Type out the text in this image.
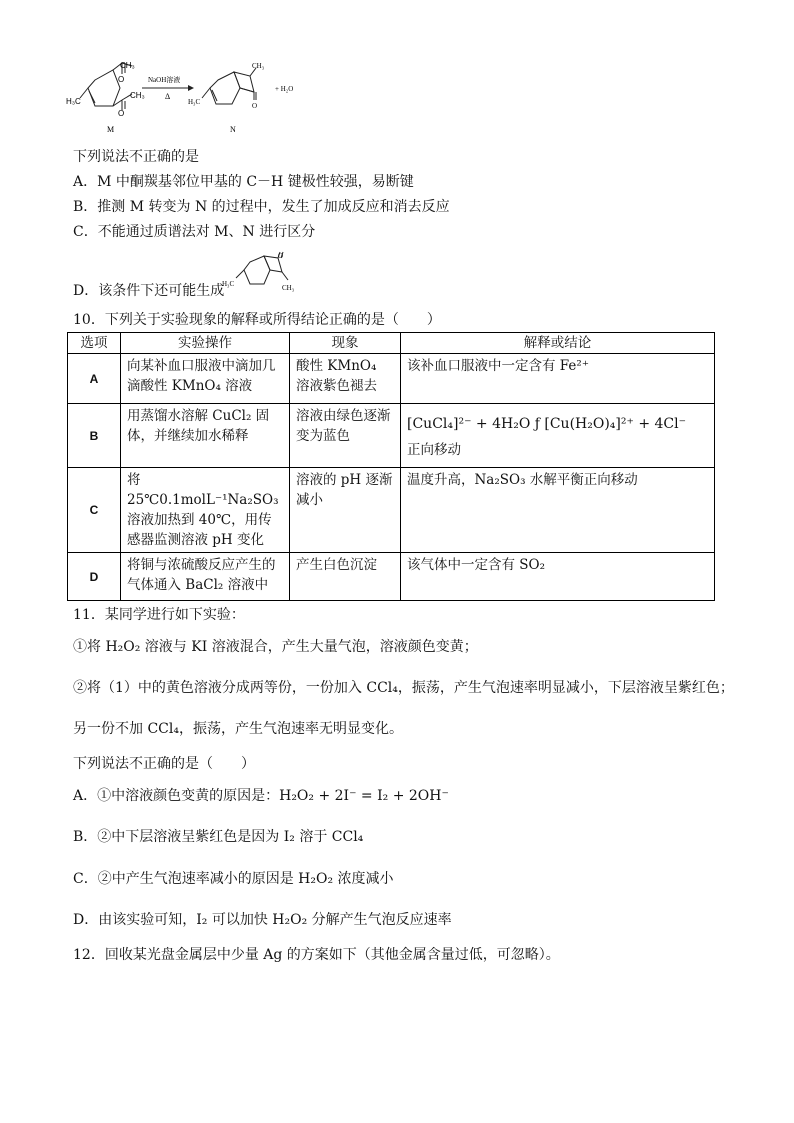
CH₃
O
CH₃
O
H₃C
M
NaOH溶液
Δ
CH₃
O
H₃C
N
+ H₂O
下列说法不正确的是
A．M 中酮羰基邻位甲基的 C－H 键极性较强，易断键
B．推测 M 转变为 N 的过程中，发生了加成反应和消去反应
C．不能通过质谱法对 M、N 进行区分
D．该条件下还可能生成
O
CH₃
H₃C
10．下列关于实验现象的解释或所得结论正确的是（　　）
选项	实验操作	现象	解释或结论
A	向某补血口服液中滴加几滴酸性 KMnO₄ 溶液	酸性 KMnO₄ 溶液紫色褪去	该补血口服液中一定含有 Fe²⁺
B	用蒸馏水溶解 CuCl₂ 固体，并继续加水稀释	溶液由绿色逐渐变为蓝色	[CuCl₄]²⁻ + 4H₂O ƒ [Cu(H₂O)₄]²⁺ + 4Cl⁻
正向移动

C	将 25℃0.1molL⁻¹Na₂SO₃ 溶液加热到 40℃，用传感器监测溶液 pH 变化	溶液的 pH 逐渐减小	温度升高，Na₂SO₃ 水解平衡正向移动
D	将铜与浓硫酸反应产生的气体通入 BaCl₂ 溶液中	产生白色沉淀	该气体中一定含有 SO₂
11．某同学进行如下实验：
①将 H₂O₂ 溶液与 KI 溶液混合，产生大量气泡，溶液颜色变黄；
②将（1）中的黄色溶液分成两等份，一份加入 CCl₄，振荡，产生气泡速率明显减小，下层溶液呈紫红色；
另一份不加 CCl₄，振荡，产生气泡速率无明显变化。
下列说法不正确的是（　　）
A．①中溶液颜色变黄的原因是：H₂O₂ + 2I⁻ = I₂ + 2OH⁻
B．②中下层溶液呈紫红色是因为 I₂ 溶于 CCl₄
C．②中产生气泡速率减小的原因是 H₂O₂ 浓度减小
D．由该实验可知，I₂ 可以加快 H₂O₂ 分解产生气泡反应速率
12．回收某光盘金属层中少量 Ag 的方案如下（其他金属含量过低，可忽略）。
